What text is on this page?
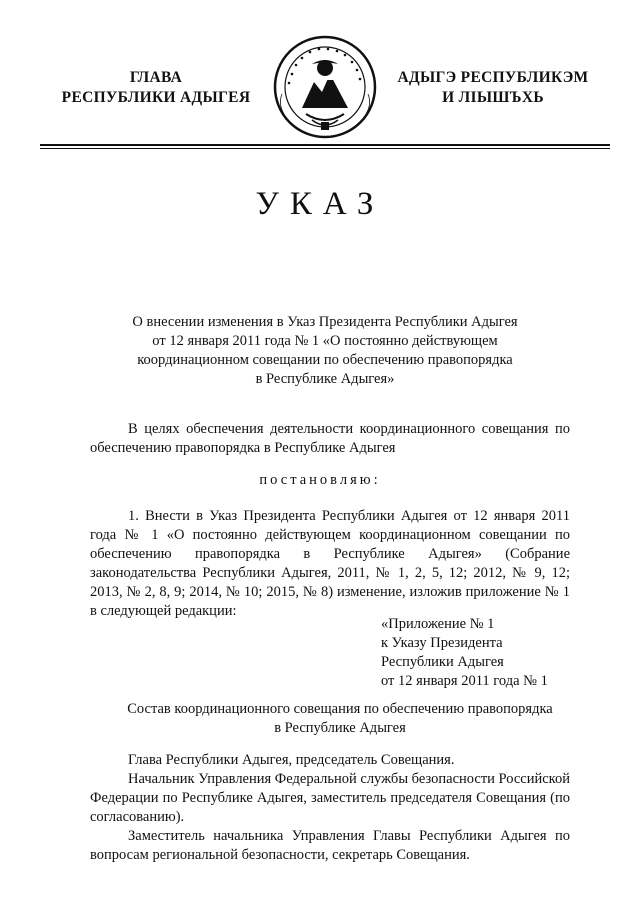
ГЛАВА
РЕСПУБЛИКИ АДЫГЕЯ
АДЫГЭ РЕСПУБЛИКЭМ
И ЛІЫШЪХЬ
УКАЗ
О внесении изменения в Указ Президента Республики Адыгея
от 12 января 2011 года № 1 «О постоянно действующем
координационном совещании по обеспечению правопорядка
в Республике Адыгея»
В целях обеспечения деятельности координационного совещания по обеспечению правопорядка в Республике Адыгея
постановляю:
1. Внести в Указ Президента Республики Адыгея от 12 января 2011 года № 1 «О постоянно действующем координационном совещании по обеспечению правопорядка в Республике Адыгея» (Собрание законодательства Республики Адыгея, 2011, № 1, 2, 5, 12; 2012, № 9, 12; 2013, № 2, 8, 9; 2014, № 10; 2015, № 8) изменение, изложив приложение № 1 в следующей редакции:
«Приложение № 1
к Указу Президента
Республики Адыгея
от 12 января 2011 года № 1
Состав координационного совещания по обеспечению правопорядка
в Республике Адыгея
Глава Республики Адыгея, председатель Совещания.
Начальник Управления Федеральной службы безопасности Российской Федерации по Республике Адыгея, заместитель председателя Совещания (по согласованию).
Заместитель начальника Управления Главы Республики Адыгея по вопросам региональной безопасности, секретарь Совещания.
